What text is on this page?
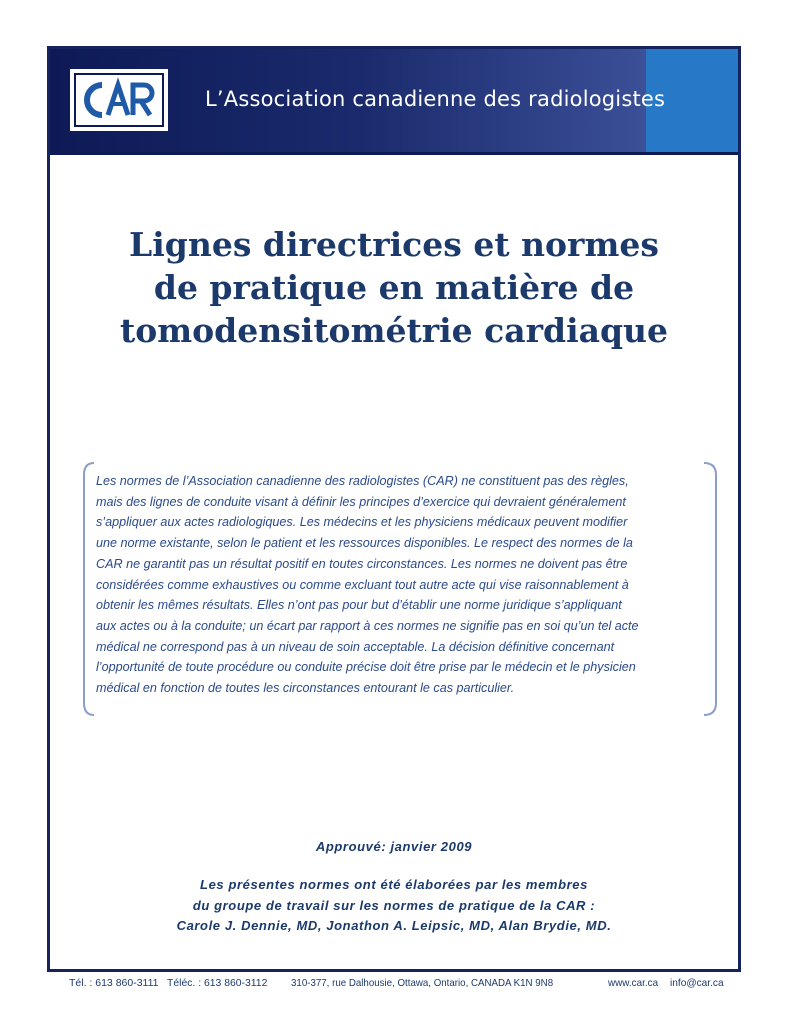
L’Association canadienne des radiologistes
Lignes directrices et normes
de pratique en matière de
tomodensitométrie cardiaque
Les normes de l’Association canadienne des radiologistes (CAR) ne constituent pas des règles,
mais des lignes de conduite visant à définir les principes d’exercice qui devraient généralement
s’appliquer aux actes radiologiques. Les médecins et les physiciens médicaux peuvent modifier
une norme existante, selon le patient et les ressources disponibles. Le respect des normes de la
CAR ne garantit pas un résultat positif en toutes circonstances. Les normes ne doivent pas être
considérées comme exhaustives ou comme excluant tout autre acte qui vise raisonnablement à
obtenir les mêmes résultats. Elles n’ont pas pour but d’établir une norme juridique s’appliquant
aux actes ou à la conduite; un écart par rapport à ces normes ne signifie pas en soi qu’un tel acte
médical ne correspond pas à un niveau de soin acceptable. La décision définitive concernant
l’opportunité de toute procédure ou conduite précise doit être prise par le médecin et le physicien
médical en fonction de toutes les circonstances entourant le cas particulier.
Approuvé: janvier 2009
Les présentes normes ont été élaborées par les membres
du groupe de travail sur les normes de pratique de la CAR :
Carole J. Dennie, MD, Jonathon A. Leipsic, MD, Alan Brydie, MD.
Tél. : 613 860-3111 Téléc. : 613 860-3112 310-377, rue Dalhousie, Ottawa, Ontario, CANADA K1N 9N8	www.car.ca info@car.ca
